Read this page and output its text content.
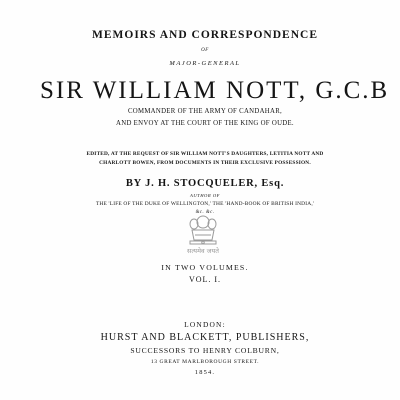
MEMOIRS AND CORRESPONDENCE
OF
MAJOR-GENERAL
SIR WILLIAM NOTT, G.C.B
COMMANDER OF THE ARMY OF CANDAHAR,
AND ENVOY AT THE COURT OF THE KING OF OUDE.
EDITED, AT THE REQUEST OF SIR WILLIAM NOTT'S DAUGHTERS, LETITIA NOTT AND
CHARLOTT BOWEN, FROM DOCUMENTS IN THEIR EXCLUSIVE POSSESSION.
BY J. H. STOCQUELER, Esq.
AUTHOR OF
THE 'LIFE OF THE DUKE OF WELLINGTON,' THE 'HAND-BOOK OF BRITISH INDIA,'
&c. &c.
सत्यमेव जयते
IN TWO VOLUMES.
VOL. I.
LONDON:
HURST AND BLACKETT, PUBLISHERS,
SUCCESSORS TO HENRY COLBURN,
13 GREAT MARLBOROUGH STREET.
1854.
